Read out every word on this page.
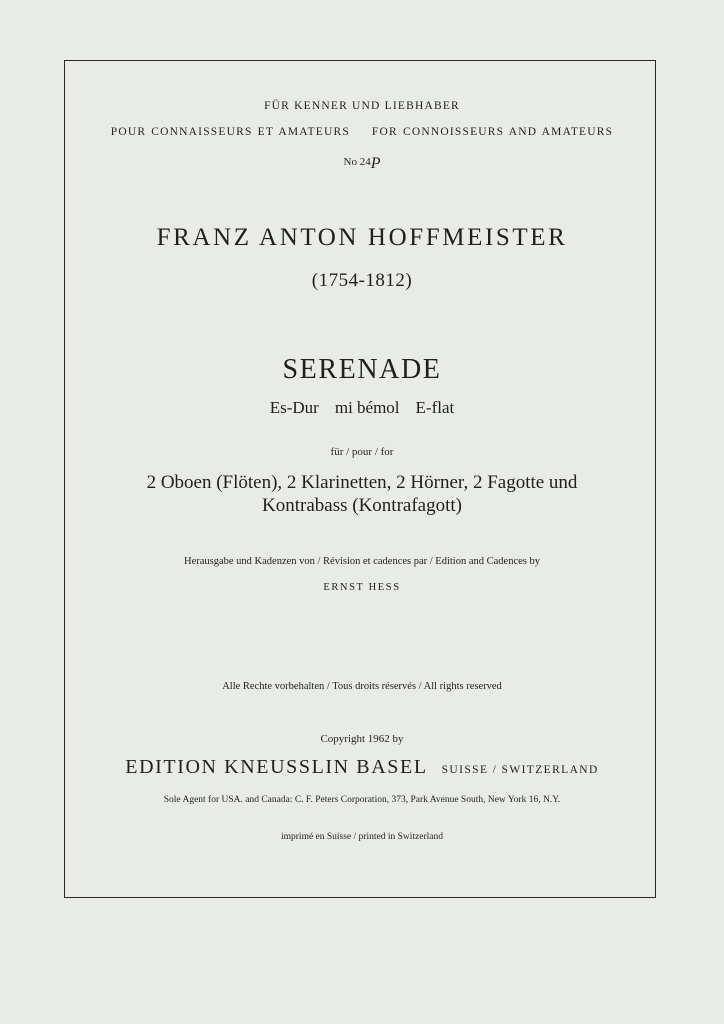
FÜR KENNER UND LIEBHABER
POUR CONNAISSEURS ET AMATEURS FOR CONNOISSEURS AND AMATEURS
No 24P
FRANZ ANTON HOFFMEISTER
(1754-1812)
SERENADE
Es-Dur mi bémol E-flat
für / pour / for
2 Oboen (Flöten), 2 Klarinetten, 2 Hörner, 2 Fagotte und
Kontrabass (Kontrafagott)
Herausgabe und Kadenzen von / Révision et cadences par / Edition and Cadences by
ERNST HESS
Alle Rechte vorbehalten / Tous droits réservés / All rights reserved
Copyright 1962 by
EDITION KNEUSSLIN BASEL SUISSE / SWITZERLAND
Sole Agent for USA. and Canada: C. F. Peters Corporation, 373, Park Avenue South, New York 16, N.Y.
imprimé en Suisse / printed in Switzerland
